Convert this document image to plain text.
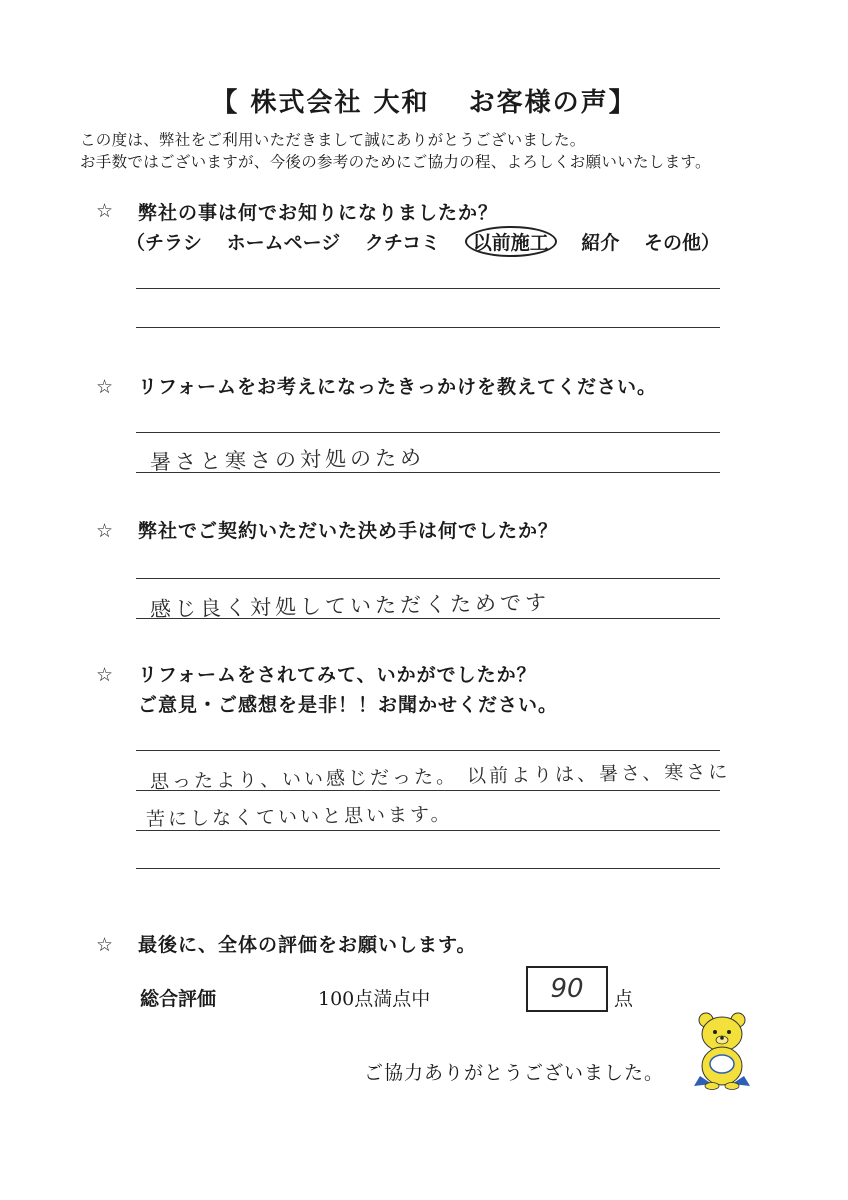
【 株式会社 大和　 お客様の声】
この度は、弊社をご利用いただきまして誠にありがとうございました。
お手数ではございますが、今後の参考のためにご協力の程、よろしくお願いいたします。
☆ 弊社の事は何でお知りになりましたか？
（チラシ ホームページ クチコミ 以前施工 紹介 その他）
☆ リフォームをお考えになったきっかけを教えてください。
暑さと寒さの対処のため
☆ 弊社でご契約いただいた決め手は何でしたか？
感じ良く対処していただくためです
☆ リフォームをされてみて、いかがでしたか？
ご意見・ご感想を是非！！お聞かせください。
思ったより、いい感じだった。 以前よりは、暑さ、寒さに
苦にしなくていいと思います。
☆ 最後に、全体の評価をお願いします。
総合評価	100点満点中	90 点
ご協力ありがとうございました。
